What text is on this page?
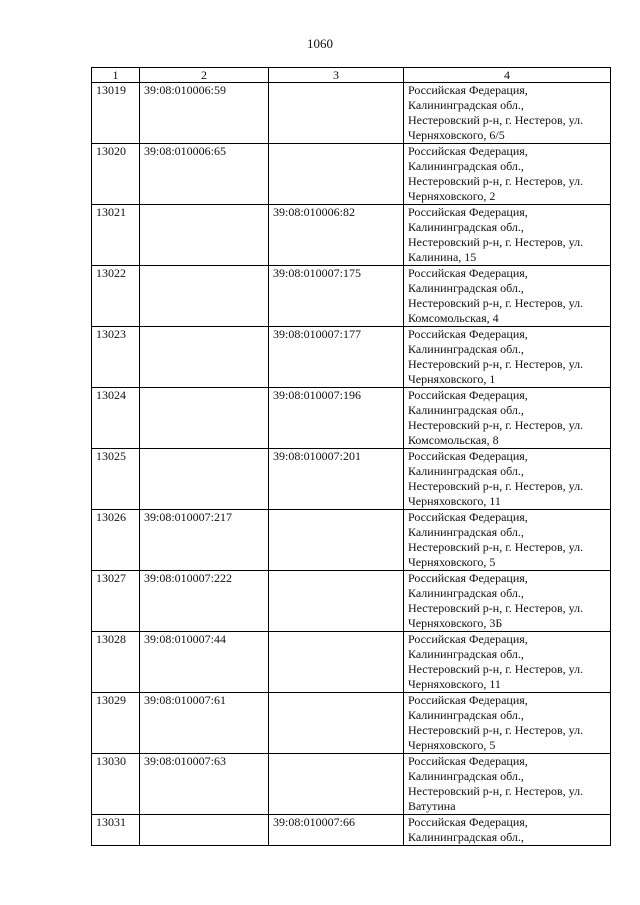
1060
1	2	3	4
13019	39:08:010006:59		Российская Федерация,
Калининградская обл.,
Нестеровский р-н, г. Нестеров, ул.
Черняховского, 6/5

13020	39:08:010006:65		Российская Федерация,
Калининградская обл.,
Нестеровский р-н, г. Нестеров, ул.
Черняховского, 2

13021		39:08:010006:82	Российская Федерация,
Калининградская обл.,
Нестеровский р-н, г. Нестеров, ул.
Калинина, 15

13022		39:08:010007:175	Российская Федерация,
Калининградская обл.,
Нестеровский р-н, г. Нестеров, ул.
Комсомольская, 4

13023		39:08:010007:177	Российская Федерация,
Калининградская обл.,
Нестеровский р-н, г. Нестеров, ул.
Черняховского, 1

13024		39:08:010007:196	Российская Федерация,
Калининградская обл.,
Нестеровский р-н, г. Нестеров, ул.
Комсомольская, 8

13025		39:08:010007:201	Российская Федерация,
Калининградская обл.,
Нестеровский р-н, г. Нестеров, ул.
Черняховского, 11

13026	39:08:010007:217		Российская Федерация,
Калининградская обл.,
Нестеровский р-н, г. Нестеров, ул.
Черняховского, 5

13027	39:08:010007:222		Российская Федерация,
Калининградская обл.,
Нестеровский р-н, г. Нестеров, ул.
Черняховского, 3Б

13028	39:08:010007:44		Российская Федерация,
Калининградская обл.,
Нестеровский р-н, г. Нестеров, ул.
Черняховского, 11

13029	39:08:010007:61		Российская Федерация,
Калининградская обл.,
Нестеровский р-н, г. Нестеров, ул.
Черняховского, 5

13030	39:08:010007:63		Российская Федерация,
Калининградская обл.,
Нестеровский р-н, г. Нестеров, ул.
Ватутина

13031		39:08:010007:66	Российская Федерация,
Калининградская обл.,
